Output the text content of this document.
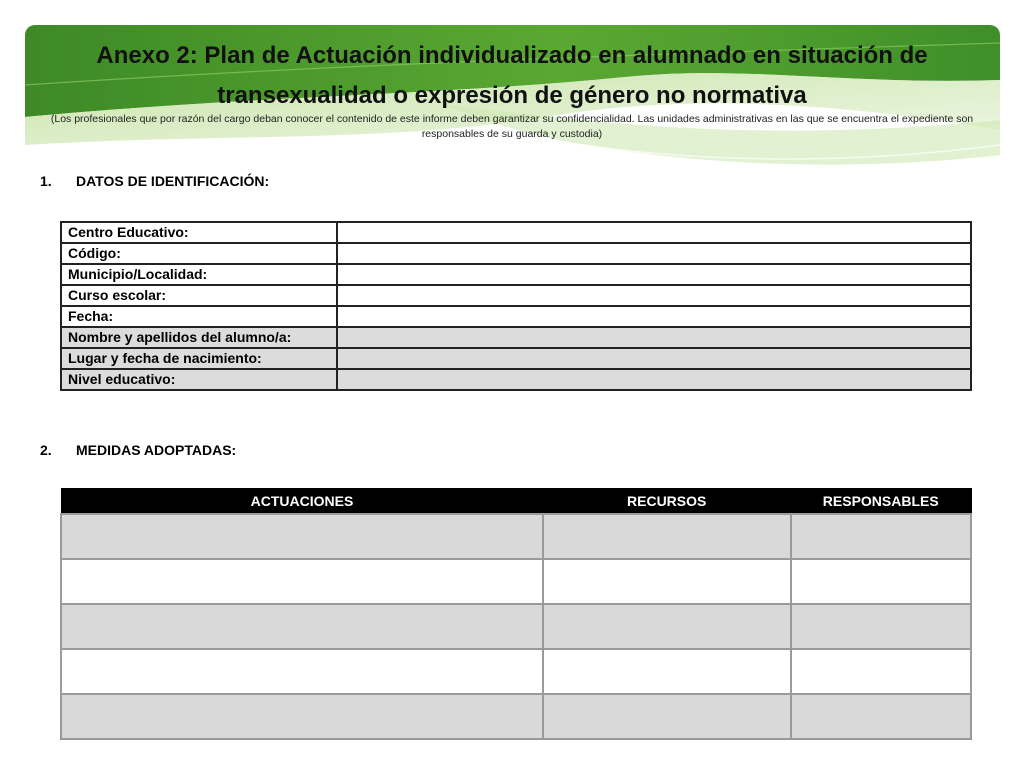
Anexo 2: Plan de Actuación individualizado en alumnado en situación de
transexualidad o expresión de género no normativa
(Los profesionales que por razón del cargo deban conocer el contenido de este informe deben garantizar su confidencialidad. Las unidades administrativas en las que se encuentra el expediente son responsables de su guarda y custodia)
1. DATOS DE IDENTIFICACIÓN:
Centro Educativo:	
Código:	
Municipio/Localidad:	
Curso escolar:	
Fecha:	
Nombre y apellidos del alumno/a:	
Lugar y fecha de nacimiento:	
Nivel educativo:	
2. MEDIDAS ADOPTADAS:
ACTUACIONES	RECURSOS	RESPONSABLES
